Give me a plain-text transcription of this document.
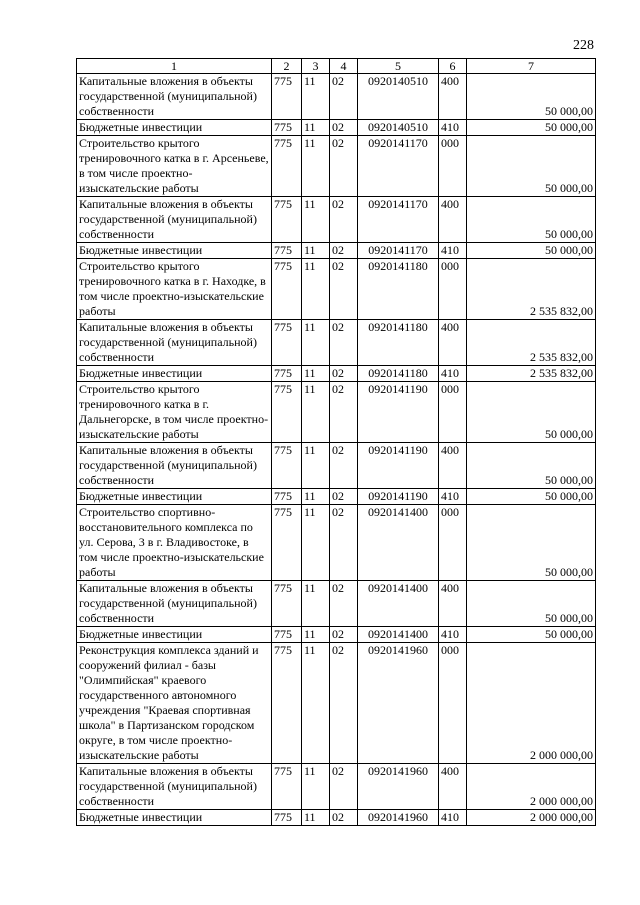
228
1	2	3	4	5	6	7
Капитальные вложения в объекты государственной (муниципальной) собственности	775	11	02	0920140510	400	50 000,00
Бюджетные инвестиции	775	11	02	0920140510	410	50 000,00
Строительство крытого тренировочного катка в г. Арсеньеве, в том числе проектно-изыскательские работы	775	11	02	0920141170	000	50 000,00
Капитальные вложения в объекты государственной (муниципальной) собственности	775	11	02	0920141170	400	50 000,00
Бюджетные инвестиции	775	11	02	0920141170	410	50 000,00
Строительство крытого тренировочного катка в г. Находке, в том числе проектно-изыскательские работы	775	11	02	0920141180	000	2 535 832,00
Капитальные вложения в объекты государственной (муниципальной) собственности	775	11	02	0920141180	400	2 535 832,00
Бюджетные инвестиции	775	11	02	0920141180	410	2 535 832,00
Строительство крытого тренировочного катка в г. Дальнегорске, в том числе проектно-изыскательские работы	775	11	02	0920141190	000	50 000,00
Капитальные вложения в объекты государственной (муниципальной) собственности	775	11	02	0920141190	400	50 000,00
Бюджетные инвестиции	775	11	02	0920141190	410	50 000,00
Строительство спортивно-восстановительного комплекса по ул. Серова, 3 в г. Владивостоке, в том числе проектно-изыскательские работы	775	11	02	0920141400	000	50 000,00
Капитальные вложения в объекты государственной (муниципальной) собственности	775	11	02	0920141400	400	50 000,00
Бюджетные инвестиции	775	11	02	0920141400	410	50 000,00
Реконструкция комплекса зданий и сооружений филиал - базы "Олимпийская" краевого государственного автономного учреждения "Краевая спортивная школа" в Партизанском городском округе, в том числе проектно-изыскательские работы	775	11	02	0920141960	000	2 000 000,00
Капитальные вложения в объекты государственной (муниципальной) собственности	775	11	02	0920141960	400	2 000 000,00
Бюджетные инвестиции	775	11	02	0920141960	410	2 000 000,00
